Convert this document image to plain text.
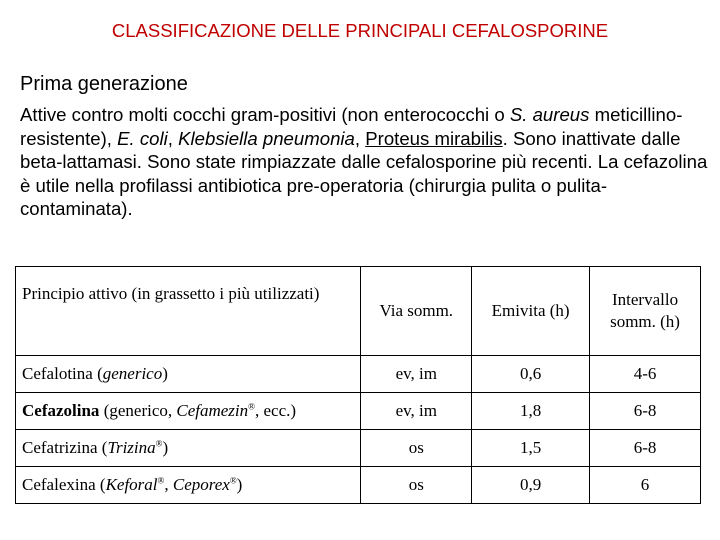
CLASSIFICAZIONE DELLE PRINCIPALI CEFALOSPORINE
Prima generazione
Attive contro molti cocchi gram-positivi (non enterococchi o S. aureus meticillino-resistente), E. coli, Klebsiella pneumonia, Proteus mirabilis. Sono inattivate dalle beta-lattamasi. Sono state rimpiazzate dalle cefalosporine più recenti. La cefazolina è utile nella profilassi antibiotica pre-operatoria (chirurgia pulita o pulita-contaminata).
Principio attivo (in grassetto i più utilizzati)	Via somm.	Emivita (h)	Intervallo somm. (h)
Cefalotina (generico)	ev, im	0,6	4-6
Cefazolina (generico, Cefamezin®, ecc.)	ev, im	1,8	6-8
Cefatrizina (Trizina®)	os	1,5	6-8
Cefalexina (Keforal®, Ceporex®)	os	0,9	6
